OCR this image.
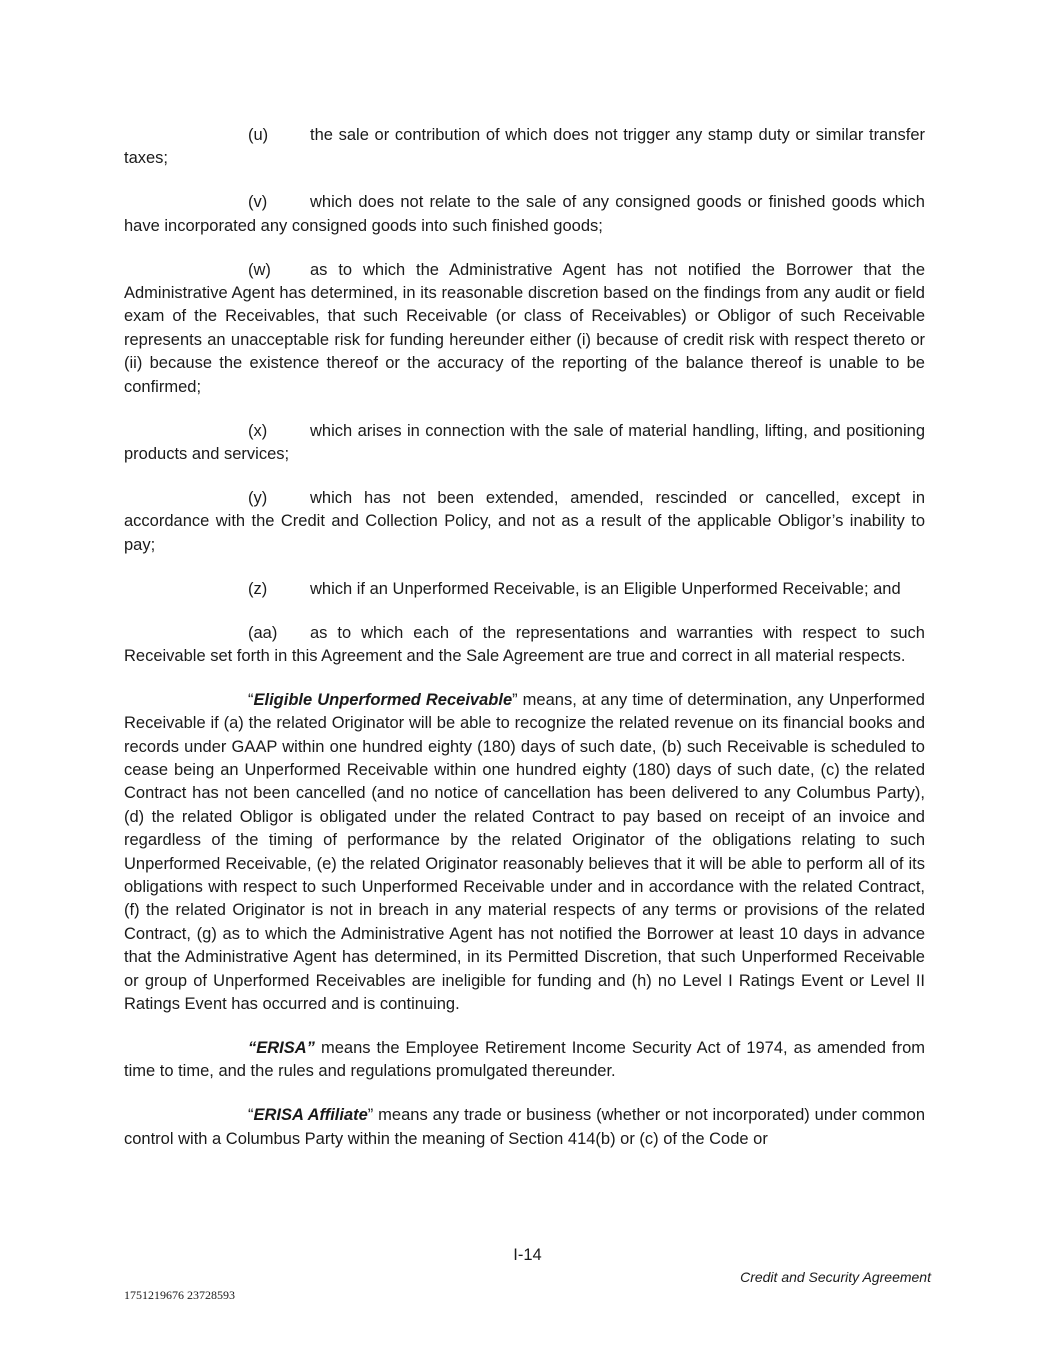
(u)	the sale or contribution of which does not trigger any stamp duty or similar transfer taxes;

(v)	which does not relate to the sale of any consigned goods or finished goods which have incorporated any consigned goods into such finished goods;

(w) as to which the Administrative Agent has not notified the Borrower that the Administrative Agent has determined, in its reasonable discretion based on the findings from any audit or field exam of the Receivables, that such Receivable (or class of Receivables) or Obligor of such Receivable represents an unacceptable risk for funding hereunder either (i) because of credit risk with respect thereto or (ii) because the existence thereof or the accuracy of the reporting of the balance thereof is unable to be confirmed;

(x)	which arises in connection with the sale of material handling, lifting, and positioning products and services;

(y)	which has not been extended, amended, rescinded or cancelled, except in accordance with the Credit and Collection Policy, and not as a result of the applicable Obligor’s inability to pay;

(z)	which if an Unperformed Receivable, is an Eligible Unperformed Receivable; and

(aa) as to which each of the representations and warranties with respect to such Receivable set forth in this Agreement and the Sale Agreement are true and correct in all material respects.

“Eligible Unperformed Receivable” means, at any time of determination, any Unperformed Receivable if (a) the related Originator will be able to recognize the related revenue on its financial books and records under GAAP within one hundred eighty (180) days of such date, (b) such Receivable is scheduled to cease being an Unperformed Receivable within one hundred eighty (180) days of such date, (c) the related Contract has not been cancelled (and no notice of cancellation has been delivered to any Columbus Party), (d) the related Obligor is obligated under the related Contract to pay based on receipt of an invoice and regardless of the timing of performance by the related Originator of the obligations relating to such Unperformed Receivable, (e) the related Originator reasonably believes that it will be able to perform all of its obligations with respect to such Unperformed Receivable under and in accordance with the related Contract, (f) the related Originator is not in breach in any material respects of any terms or provisions of the related Contract, (g) as to which the Administrative Agent has not notified the Borrower at least 10 days in advance that the Administrative Agent has determined, in its Permitted Discretion, that such Unperformed Receivable or group of Unperformed Receivables are ineligible for funding and (h) no Level I Ratings Event or Level II Ratings Event has occurred and is continuing.

“ERISA” means the Employee Retirement Income Security Act of 1974, as amended from time to time, and the rules and regulations promulgated thereunder.

“ERISA Affiliate” means any trade or business (whether or not incorporated) under common control with a Columbus Party within the meaning of Section 414(b) or (c) of the Code or

I-14
Credit and Security Agreement
1751219676 23728593
